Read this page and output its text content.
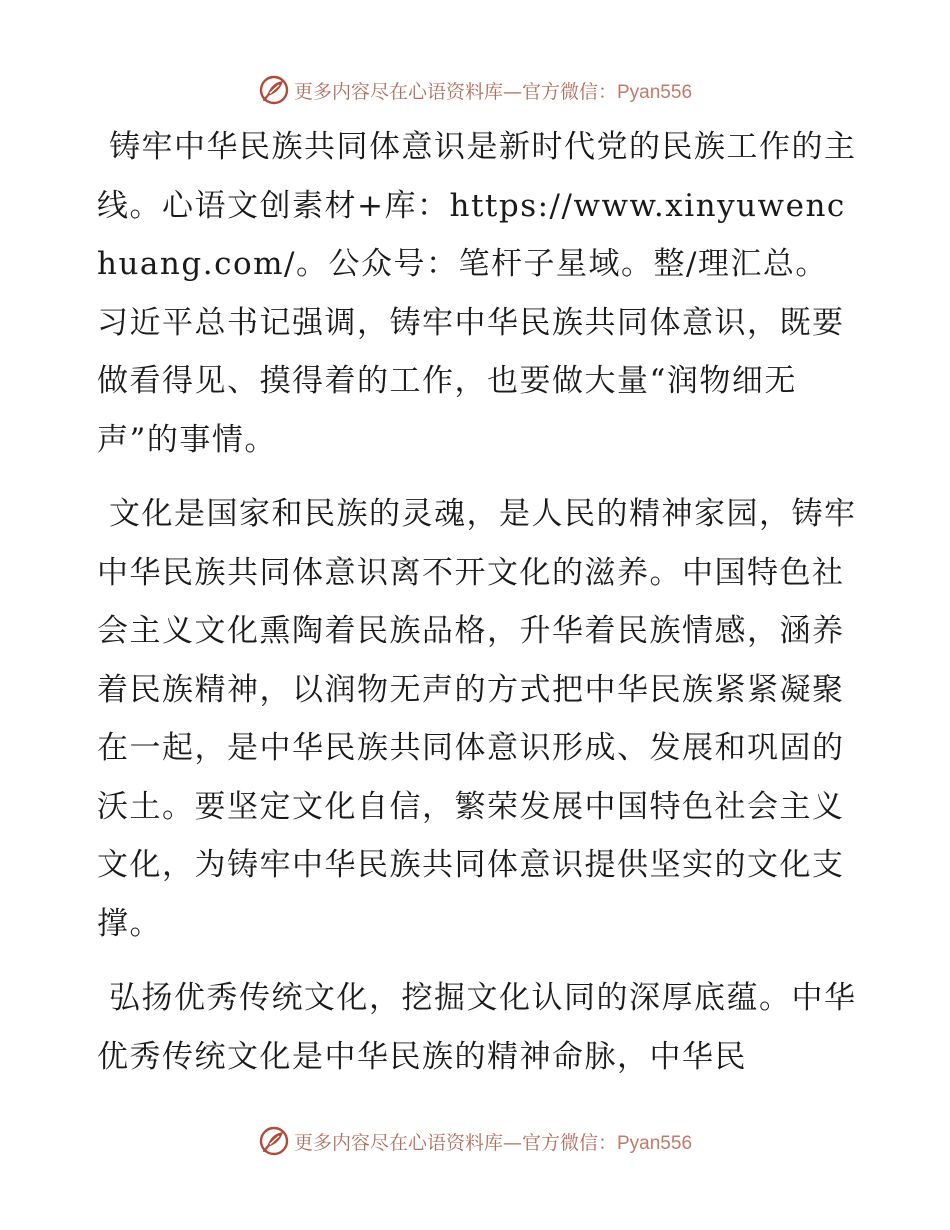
更多内容尽在心语资料库—官方微信：Pyan556

铸牢中华民族共同体意识是新时代党的民族工作的主线。心语文创素材+库：https://www.xinyuwenchuang.com/。公众号：笔杆子星域。整/理汇总。习近平总书记强调，铸牢中华民族共同体意识，既要做看得见、摸得着的工作，也要做大量“润物细无声”的事情。

文化是国家和民族的灵魂，是人民的精神家园，铸牢中华民族共同体意识离不开文化的滋养。中国特色社会主义文化熏陶着民族品格，升华着民族情感，涵养着民族精神，以润物无声的方式把中华民族紧紧凝聚在一起，是中华民族共同体意识形成、发展和巩固的沃土。要坚定文化自信，繁荣发展中国特色社会主义文化，为铸牢中华民族共同体意识提供坚实的文化支撑。

弘扬优秀传统文化，挖掘文化认同的深厚底蕴。中华优秀传统文化是中华民族的精神命脉，中华民

更多内容尽在心语资料库—官方微信：Pyan556
